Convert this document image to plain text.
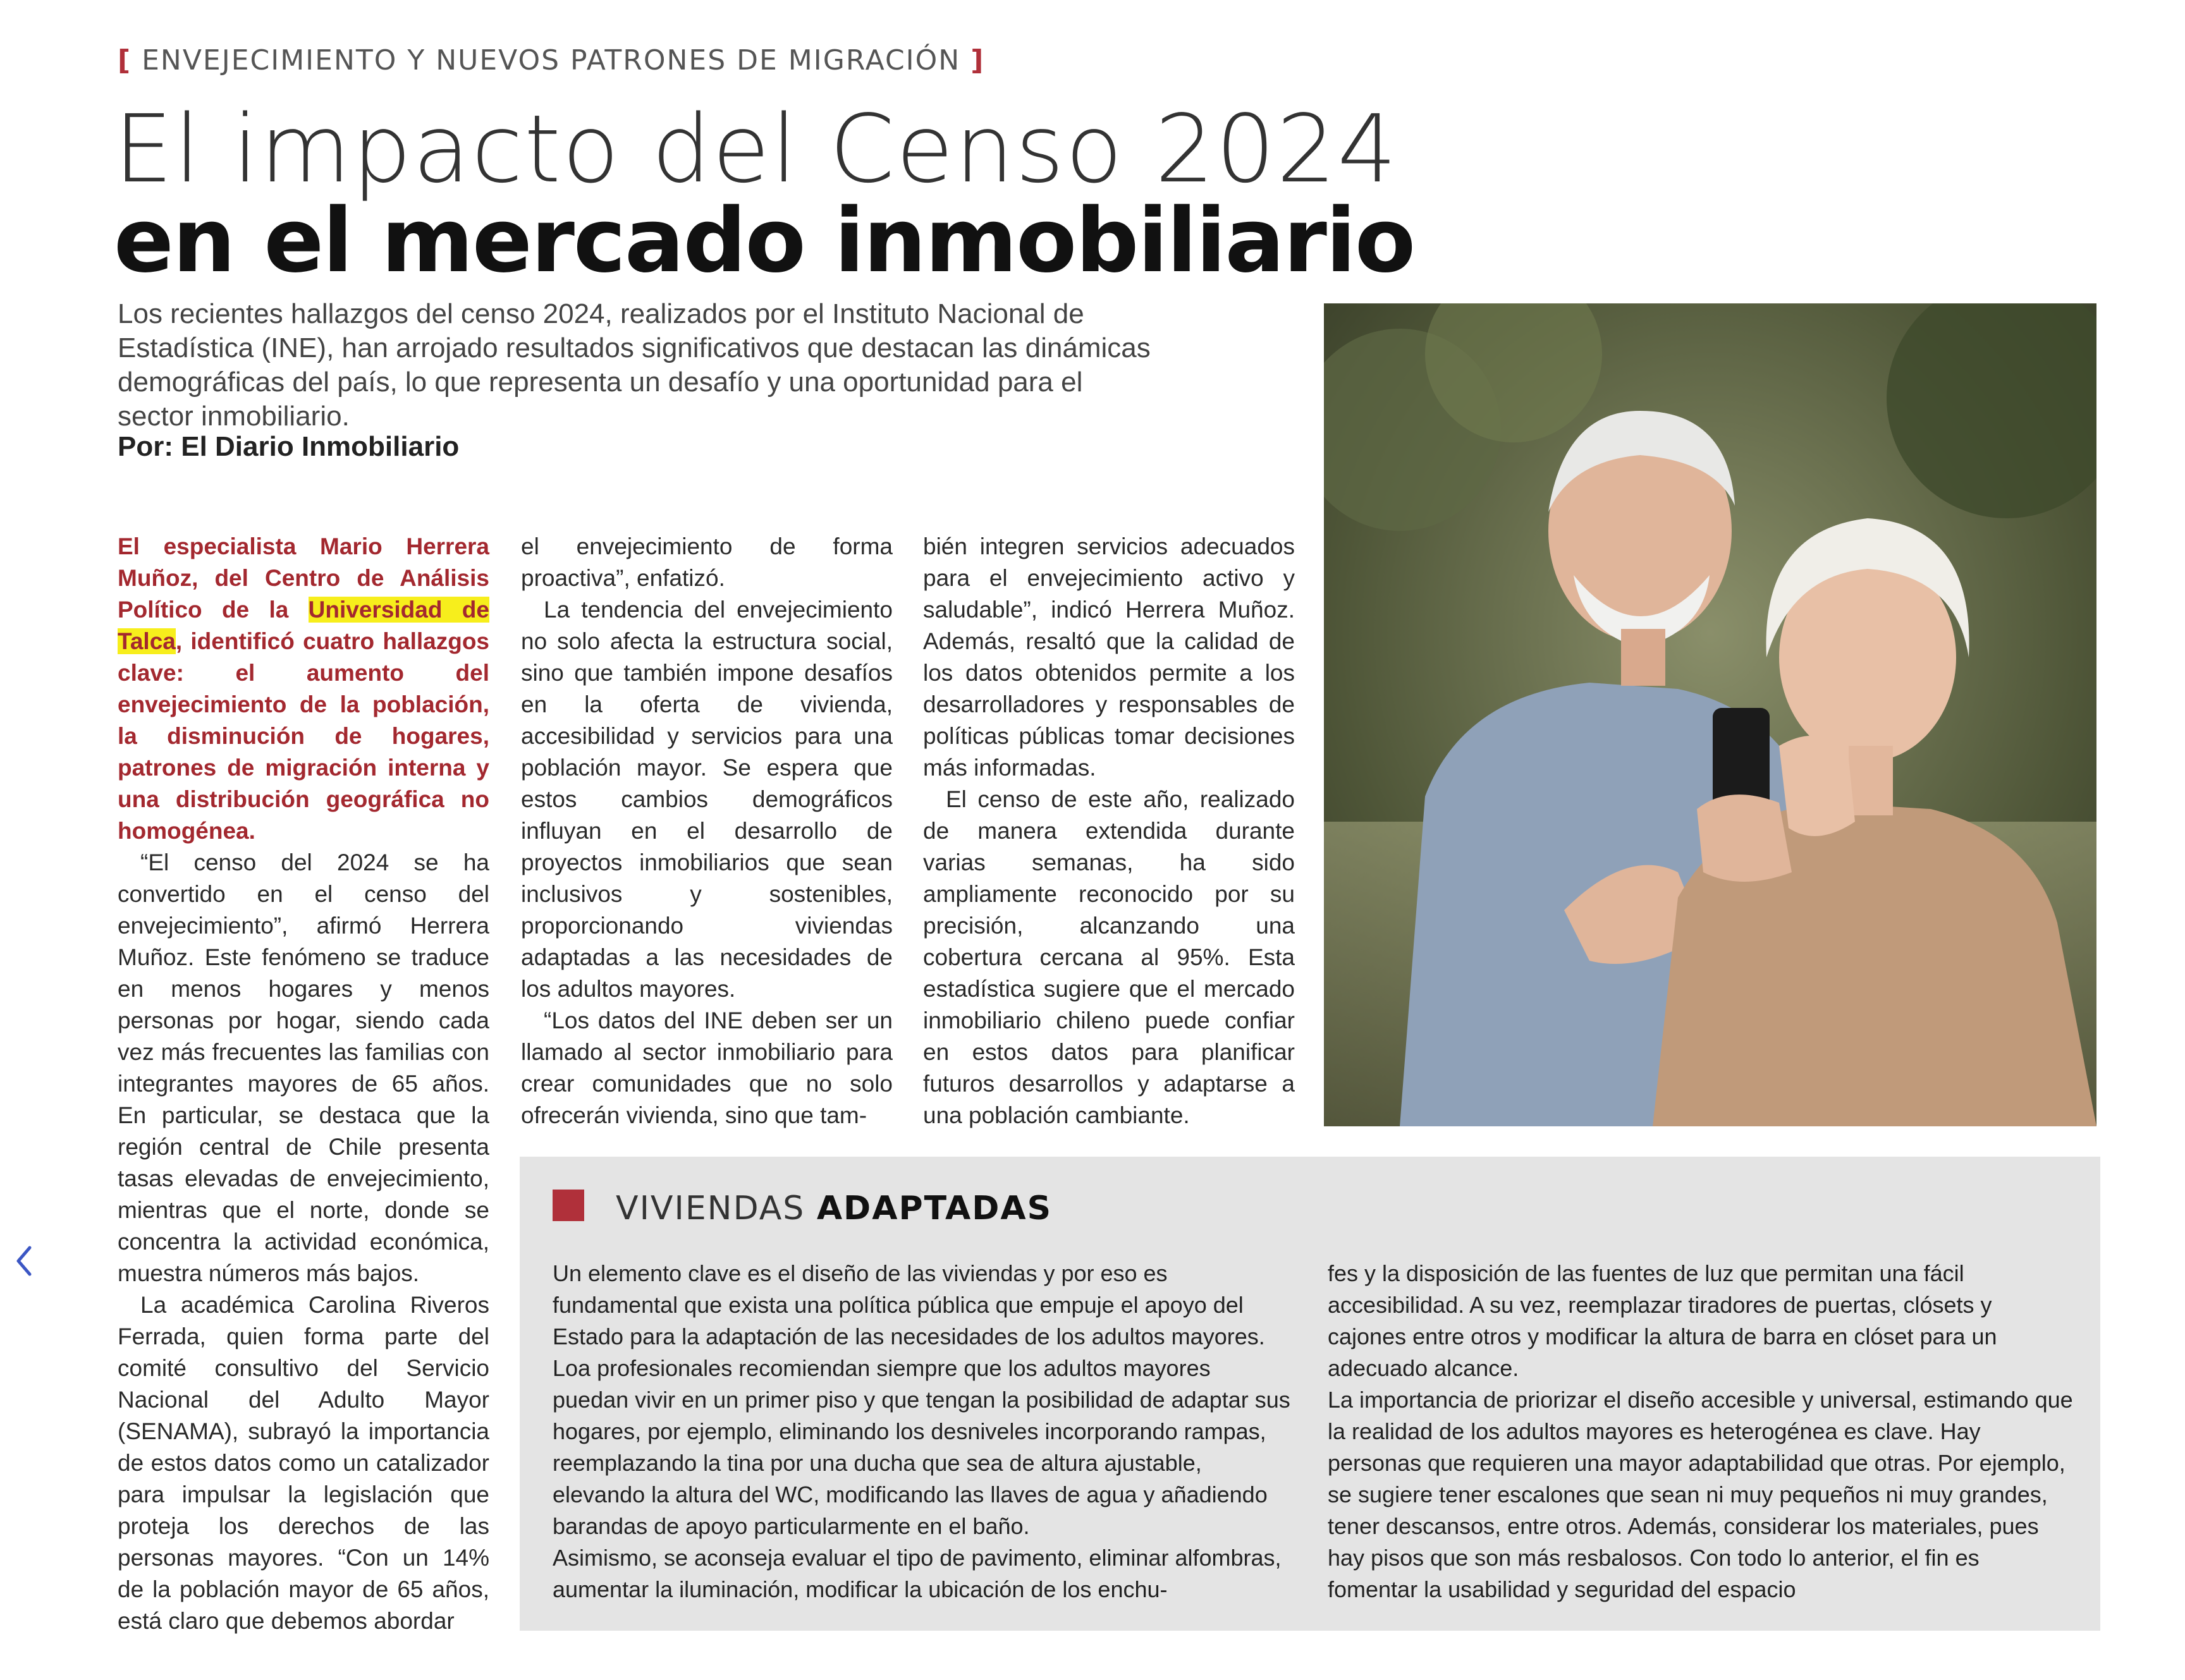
[ ENVEJECIMIENTO Y NUEVOS PATRONES DE MIGRACIÓN ]
El impacto del Censo 2024
en el mercado inmobiliario
Los recientes hallazgos del censo 2024, realizados por el Instituto Nacional de Estadística (INE), han arrojado resultados significativos que destacan las dinámicas demográficas del país, lo que representa un desafío y una oportunidad para el sector inmobiliario.
Por: El Diario Inmobiliario

El especialista Mario Herrera Muñoz, del Centro de Análisis Político de la Universidad de Talca, identificó cuatro hallazgos clave: el aumento del envejecimiento de la población, la disminución de hogares, patrones de migración interna y una distribución geográfica no homogénea.

“El censo del 2024 se ha convertido en el censo del envejecimiento”, afirmó Herrera Muñoz. Este fenómeno se traduce en menos hogares y menos personas por hogar, siendo cada vez más frecuentes las familias con integrantes mayores de 65 años. En particular, se destaca que la región central de Chile presenta tasas elevadas de envejecimiento, mientras que el norte, donde se concentra la actividad económica, muestra números más bajos.

La académica Carolina Riveros Ferrada, quien forma parte del comité consultivo del Servicio Nacional del Adulto Mayor (SENAMA), subrayó la importancia de estos datos como un catalizador para impulsar la legislación que proteja los derechos de las personas mayores. “Con un 14% de la población mayor de 65 años, está claro que debemos abordar

el envejecimiento de forma proactiva”, enfatizó.

La tendencia del envejecimiento no solo afecta la estructura social, sino que también impone desafíos en la oferta de vivienda, accesibilidad y servicios para una población mayor. Se espera que estos cambios demográficos influyan en el desarrollo de proyectos inmobiliarios que sean inclusivos y sostenibles, proporcionando viviendas adaptadas a las necesidades de los adultos mayores.

“Los datos del INE deben ser un llamado al sector inmobiliario para crear comunidades que no solo ofrecerán vivienda, sino que tam-

bién integren servicios adecuados para el envejecimiento activo y saludable”, indicó Herrera Muñoz. Además, resaltó que la calidad de los datos obtenidos permite a los desarrolladores y responsables de políticas públicas tomar decisiones más informadas.

El censo de este año, realizado de manera extendida durante varias semanas, ha sido ampliamente reconocido por su precisión, alcanzando una cobertura cercana al 95%. Esta estadística sugiere que el mercado inmobiliario chileno puede confiar en estos datos para planificar futuros desarrollos y adaptarse a una población cambiante.

VIVIENDAS ADAPTADAS

Un elemento clave es el diseño de las viviendas y por eso es fundamental que exista una política pública que empuje el apoyo del Estado para la adaptación de las necesidades de los adultos mayores.

Loa profesionales recomiendan siempre que los adultos mayores puedan vivir en un primer piso y que tengan la posibilidad de adaptar sus hogares, por ejemplo, eliminando los desniveles incorporando rampas, reemplazando la tina por una ducha que sea de altura ajustable, elevando la altura del WC, modificando las llaves de agua y añadiendo barandas de apoyo particularmente en el baño.

Asimismo, se aconseja evaluar el tipo de pavimento, eliminar alfombras, aumentar la iluminación, modificar la ubicación de los enchu-

fes y la disposición de las fuentes de luz que permitan una fácil accesibilidad. A su vez, reemplazar tiradores de puertas, clósets y cajones entre otros y modificar la altura de barra en clóset para un adecuado alcance.

La importancia de priorizar el diseño accesible y universal, estimando que la realidad de los adultos mayores es heterogénea es clave. Hay personas que requieren una mayor adaptabilidad que otras. Por ejemplo, se sugiere tener escalones que sean ni muy pequeños ni muy grandes, tener descansos, entre otros. Además, considerar los materiales, pues hay pisos que son más resbalosos. Con todo lo anterior, el fin es fomentar la usabilidad y seguridad del espacio
